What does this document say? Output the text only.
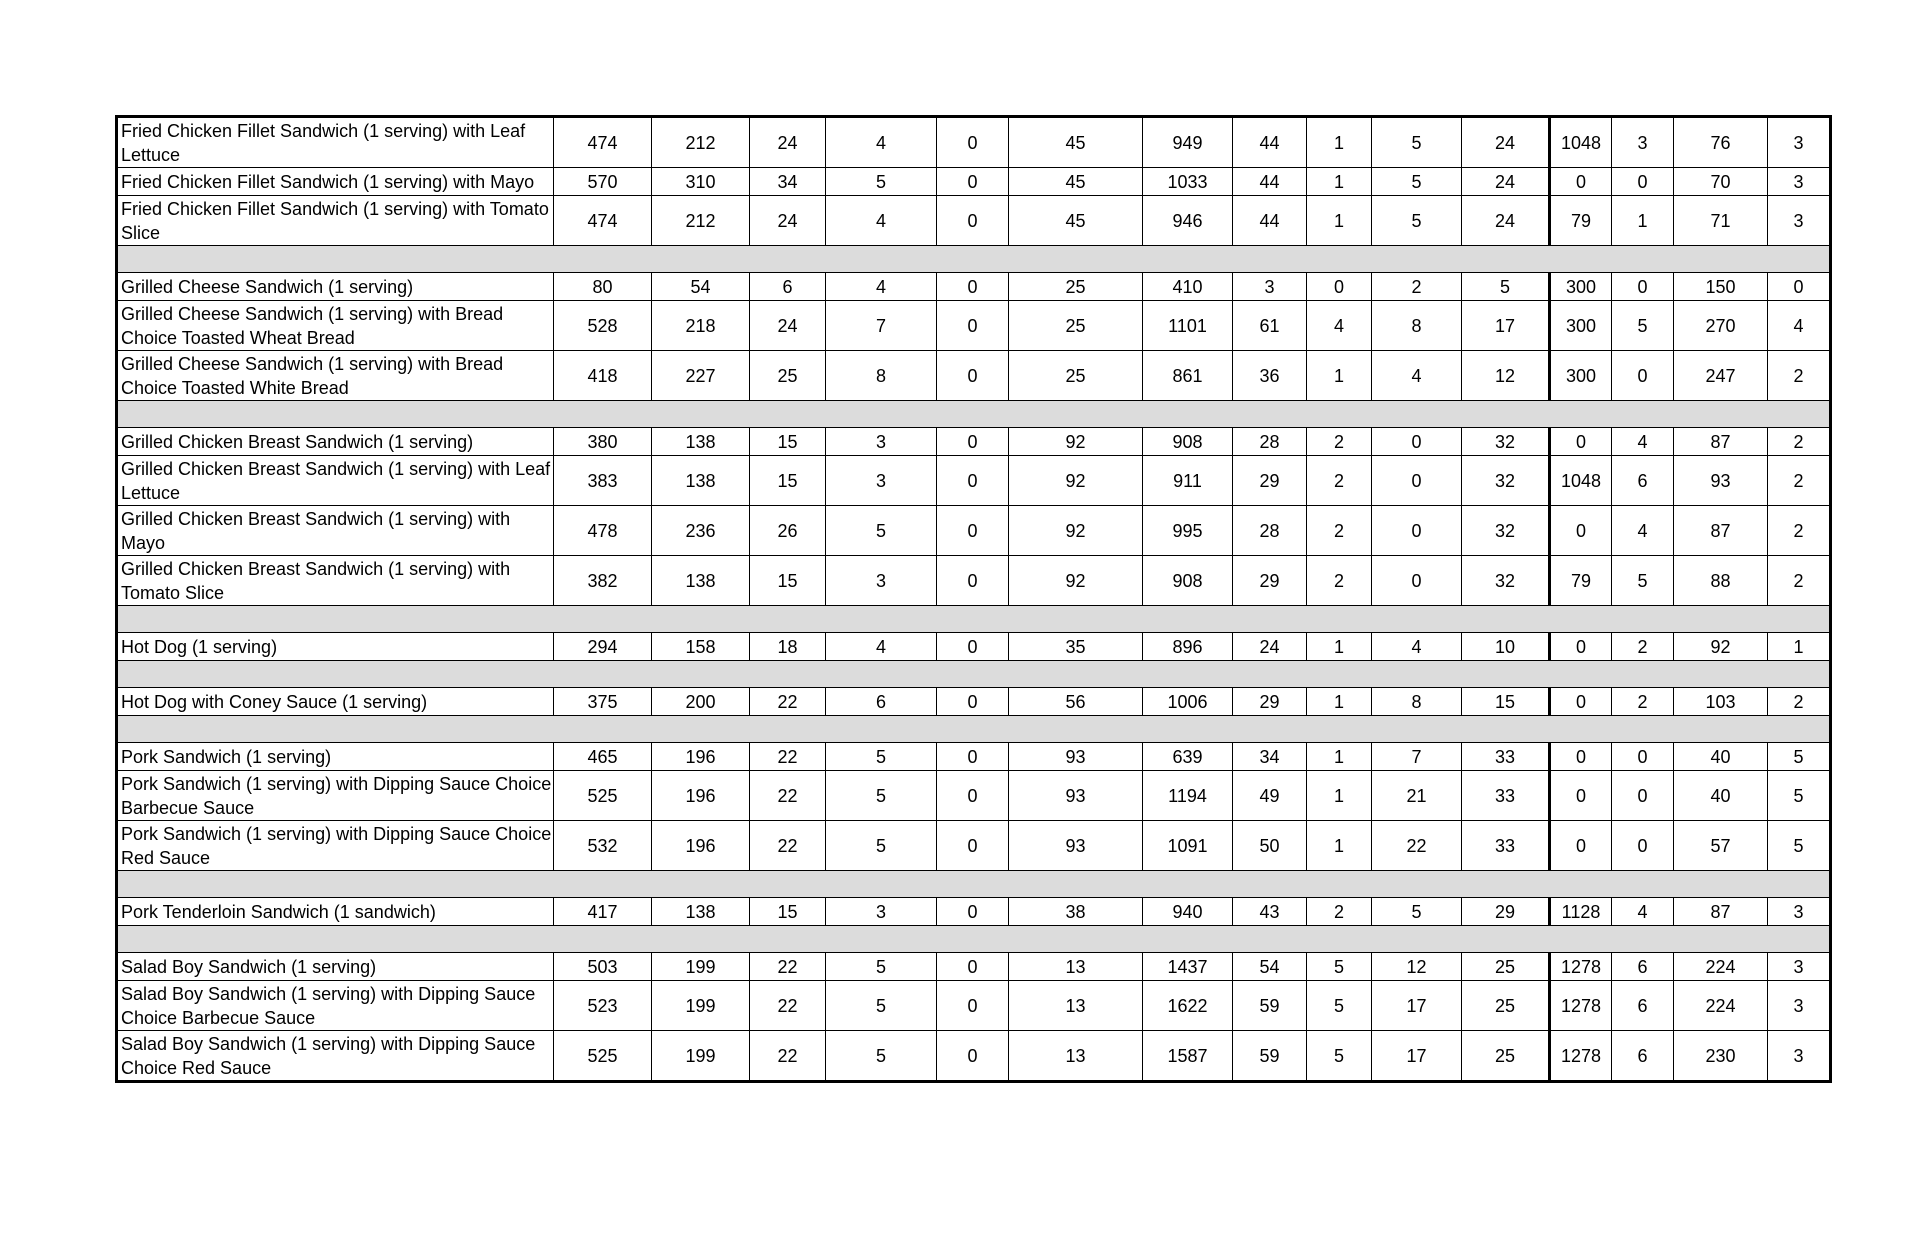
Fried Chicken Fillet Sandwich (1 serving) with Leaf Lettuce	474	212	24	4	0	45	949	44	1	5	24	1048	3	76	3
Fried Chicken Fillet Sandwich (1 serving) with Mayo	570	310	34	5	0	45	1033	44	1	5	24	0	0	70	3
Fried Chicken Fillet Sandwich (1 serving) with Tomato Slice	474	212	24	4	0	45	946	44	1	5	24	79	1	71	3

Grilled Cheese Sandwich (1 serving)	80	54	6	4	0	25	410	3	0	2	5	300	0	150	0
Grilled Cheese Sandwich (1 serving) with Bread Choice Toasted Wheat Bread	528	218	24	7	0	25	1101	61	4	8	17	300	5	270	4
Grilled Cheese Sandwich (1 serving) with Bread Choice Toasted White Bread	418	227	25	8	0	25	861	36	1	4	12	300	0	247	2

Grilled Chicken Breast Sandwich (1 serving)	380	138	15	3	0	92	908	28	2	0	32	0	4	87	2
Grilled Chicken Breast Sandwich (1 serving) with Leaf Lettuce	383	138	15	3	0	92	911	29	2	0	32	1048	6	93	2
Grilled Chicken Breast Sandwich (1 serving) with Mayo	478	236	26	5	0	92	995	28	2	0	32	0	4	87	2
Grilled Chicken Breast Sandwich (1 serving) with Tomato Slice	382	138	15	3	0	92	908	29	2	0	32	79	5	88	2

Hot Dog (1 serving)	294	158	18	4	0	35	896	24	1	4	10	0	2	92	1

Hot Dog with Coney Sauce (1 serving)	375	200	22	6	0	56	1006	29	1	8	15	0	2	103	2

Pork Sandwich (1 serving)	465	196	22	5	0	93	639	34	1	7	33	0	0	40	5
Pork Sandwich (1 serving) with Dipping Sauce Choice Barbecue Sauce	525	196	22	5	0	93	1194	49	1	21	33	0	0	40	5
Pork Sandwich (1 serving) with Dipping Sauce Choice Red Sauce	532	196	22	5	0	93	1091	50	1	22	33	0	0	57	5

Pork Tenderloin Sandwich (1 sandwich)	417	138	15	3	0	38	940	43	2	5	29	1128	4	87	3

Salad Boy Sandwich (1 serving)	503	199	22	5	0	13	1437	54	5	12	25	1278	6	224	3
Salad Boy Sandwich (1 serving) with Dipping Sauce Choice Barbecue Sauce	523	199	22	5	0	13	1622	59	5	17	25	1278	6	224	3
Salad Boy Sandwich (1 serving) with Dipping Sauce Choice Red Sauce	525	199	22	5	0	13	1587	59	5	17	25	1278	6	230	3
